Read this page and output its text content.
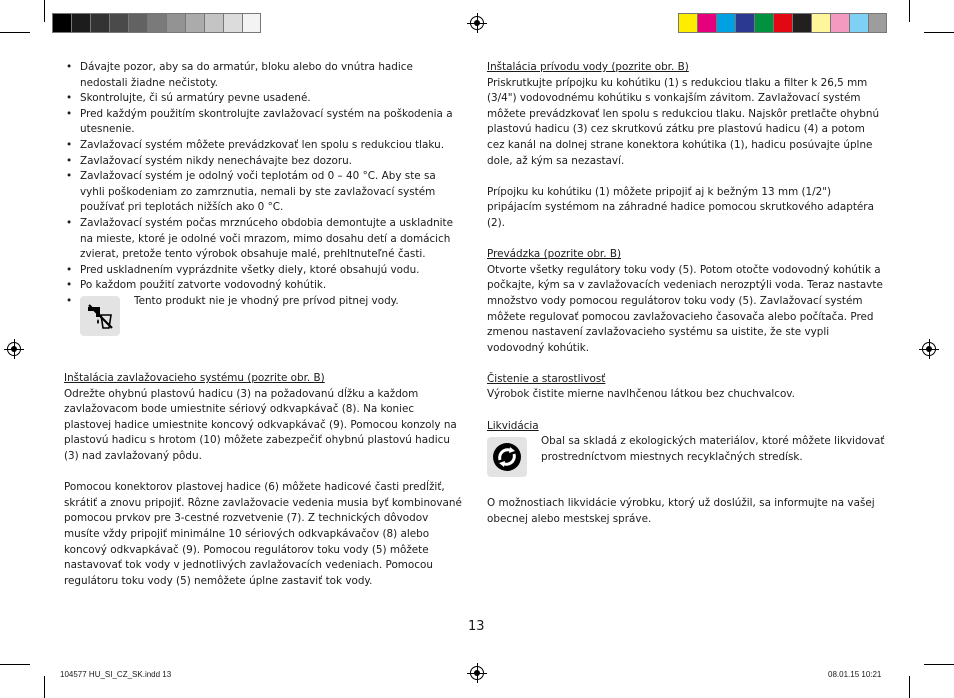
• Dávajte pozor, aby sa do armatúr, bloku alebo do vnútra hadice nedostali žiadne nečistoty.
• Skontrolujte, či sú armatúry pevne usadené.
• Pred každým použitím skontrolujte zavlažovací systém na poškodenia a utesnenie.
• Zavlažovací systém môžete prevádzkovať len spolu s redukciou tlaku.
• Zavlažovací systém nikdy nenechávajte bez dozoru.
• Zavlažovací systém je odolný voči teplotám od 0 – 40 °C. Aby ste sa vyhli poškodeniam zo zamrznutia, nemali by ste zavlažovací systém používať pri teplotách nižších ako 0 °C.
• Zavlažovací systém počas mrznúceho obdobia demontujte a uskladnite na mieste, ktoré je odolné voči mrazom, mimo dosahu detí a domácich zvierat, pretože tento výrobok obsahuje malé, prehltnuteľné časti.
• Pred uskladnením vyprázdnite všetky diely, ktoré obsahujú vodu.
• Po každom použití zatvorte vodovodný kohútik.
• Tento produkt nie je vhodný pre prívod pitnej vody.

Inštalácia zavlažovacieho systému (pozrite obr. B)

Odrežte ohybnú plastovú hadicu (3) na požadovanú dĺžku a každom zavlažovacom bode umiestnite sériový odkvapkávač (8). Na koniec plastovej hadice umiestnite koncový odkvapkávač (9). Pomocou konzoly na plastovú hadicu s hrotom (10) môžete zabezpečiť ohybnú plastovú hadicu (3) nad zavlažovaný pôdu.

Pomocou konektorov plastovej hadice (6) môžete hadicové časti predĺžiť, skrátiť a znovu pripojiť. Rôzne zavlažovacie vedenia musia byť kombinované pomocou prvkov pre 3-cestné rozvetvenie (7). Z technických dôvodov musíte vždy pripojiť minimálne 10 sériových odkvapkávačov (8) alebo koncový odkvapkávač (9). Pomocou regulátorov toku vody (5) môžete nastavovať tok vody v jednotlivých zavlažovacích vedeniach. Pomocou regulátoru toku vody (5) nemôžete úplne zastaviť tok vody.

Inštalácia prívodu vody (pozrite obr. B)

Priskrutkujte prípojku ku kohútiku (1) s redukciou tlaku a filter k 26,5 mm (3/4") vodovodnému kohútiku s vonkajším závitom. Zavlažovací systém môžete prevádzkovať len spolu s redukciou tlaku. Najskôr pretlačte ohybnú plastovú hadicu (3) cez skrutkovú zátku pre plastovú hadicu (4) a potom cez kanál na dolnej strane konektora kohútika (1), hadicu posúvajte úplne dole, až kým sa nezastaví.

Prípojku ku kohútiku (1) môžete pripojiť aj k bežným 13 mm (1/2") pripájacím systémom na záhradné hadice pomocou skrutkového adaptéra (2).

Prevádzka (pozrite obr. B)

Otvorte všetky regulátory toku vody (5). Potom otočte vodovodný kohútik a počkajte, kým sa v zavlažovacích vedeniach nerozptýli voda. Teraz nastavte množstvo vody pomocou regulátorov toku vody (5). Zavlažovací systém môžete regulovať pomocou zavlažovacieho časovača alebo počítača. Pred zmenou nastavení zavlažovacieho systému sa uistite, že ste vypli vodovodný kohútik.

Čistenie a starostlivosť

Výrobok čistite mierne navlhčenou látkou bez chuchvalcov.

Likvidácia

Obal sa skladá z ekologických materiálov, ktoré môžete likvidovať prostredníctvom miestnych recyklačných stredísk.

O možnostiach likvidácie výrobku, ktorý už doslúžil, sa informujte na vašej obecnej alebo mestskej správe.

13
104577 HU_SI_CZ_SK.indd 13	08.01.15 10:21
